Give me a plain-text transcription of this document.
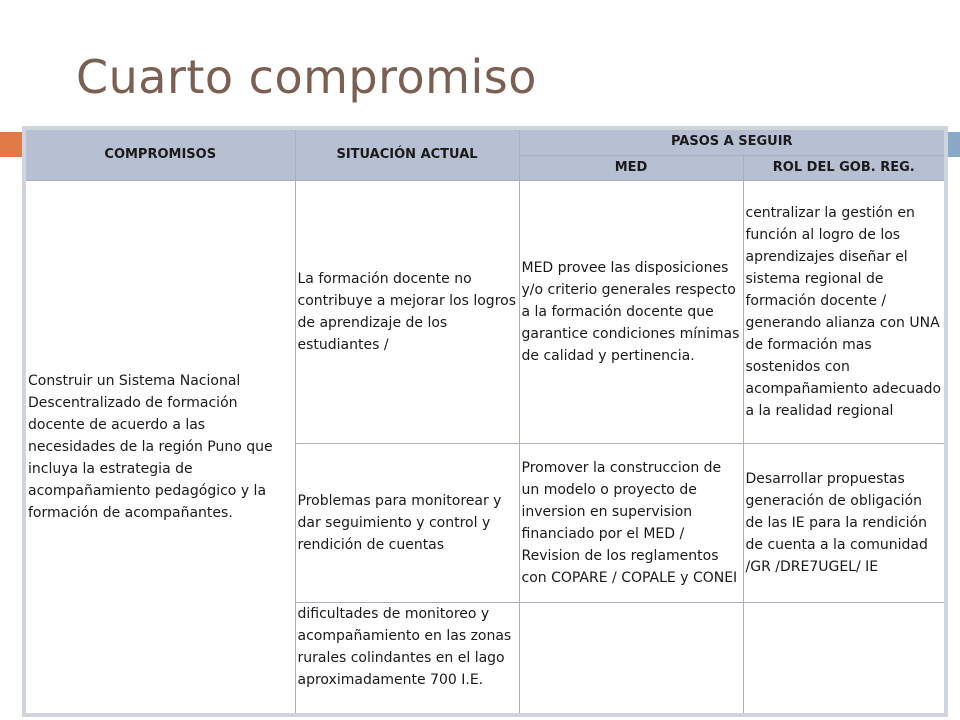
Cuarto compromiso
COMPROMISOS	SITUACIÓN ACTUAL	PASOS A SEGUIR	
		MED	ROL DEL GOB. REG.
Construir un Sistema Nacional Descentralizado de formación docente de acuerdo a las necesidades de la región Puno que incluya la estrategia de acompañamiento pedagógico y la formación de acompañantes.	La formación docente no contribuye a mejorar los logros de aprendizaje de los estudiantes /	MED provee las disposiciones y/o criterio generales respecto a la formación docente que garantice condiciones mínimas de calidad y pertinencia.	centralizar la gestión en función al logro de los aprendizajes diseñar el sistema regional de formación docente / generando alianza con UNA de formación mas sostenidos con acompañamiento adecuado a la realidad regional
	Problemas para monitorear y dar seguimiento y control y rendición de cuentas	Promover la construccion de un modelo o proyecto de inversion en supervision financiado por el MED / Revision de los reglamentos con COPARE / COPALE y CONEI	Desarrollar propuestas generación de obligación de las IE para la rendición de cuenta a la comunidad /GR /DRE7UGEL/ IE
	dificultades de monitoreo y acompañamiento en las zonas rurales colindantes en el lago aproximadamente 700 I.E.		
